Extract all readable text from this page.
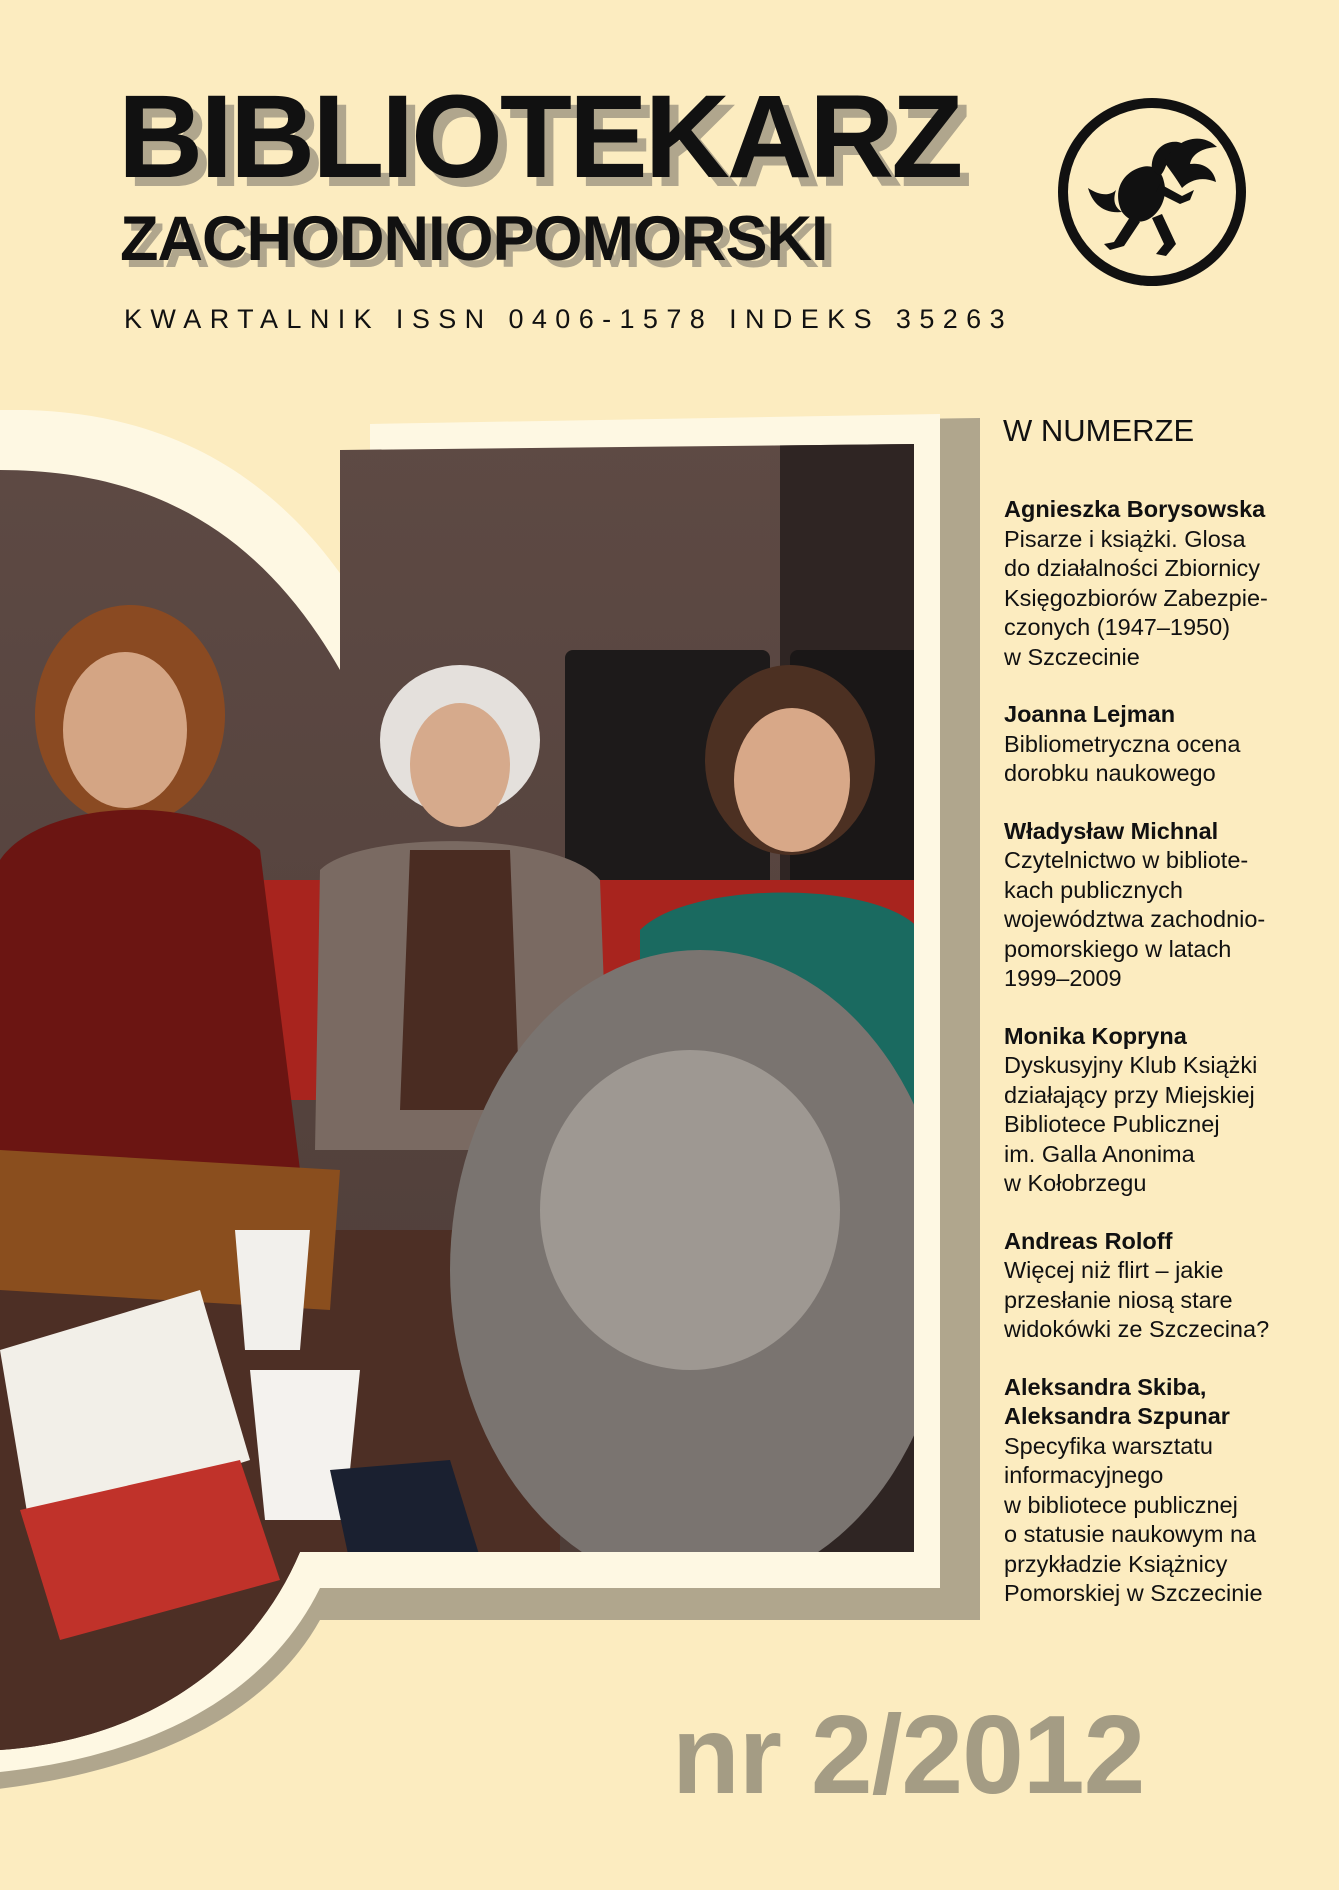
BIBLIOTEKARZ
ZACHODNIOPOMORSKI
KWARTALNIK ISSN 0406-1578 INDEKS 35263
W NUMERZE
Agnieszka Borysowska
Pisarze i książki. Glosa
do działalności Zbiornicy
Księgozbiorów Zabezpie-
czonych (1947–1950)
w Szczecinie
Joanna Lejman
Bibliometryczna ocena
dorobku naukowego
Władysław Michnal
Czytelnictwo w bibliote-
kach publicznych
województwa zachodnio-
pomorskiego w latach
1999–2009
Monika Kopryna
Dyskusyjny Klub Książki
działający przy Miejskiej
Bibliotece Publicznej
im. Galla Anonima
w Kołobrzegu
Andreas Roloff
Więcej niż flirt – jakie
przesłanie niosą stare
widokówki ze Szczecina?
Aleksandra Skiba,
Aleksandra Szpunar
Specyfika warsztatu
informacyjnego
w bibliotece publicznej
o statusie naukowym na
przykładzie Książnicy
Pomorskiej w Szczecinie
nr 2/2012
